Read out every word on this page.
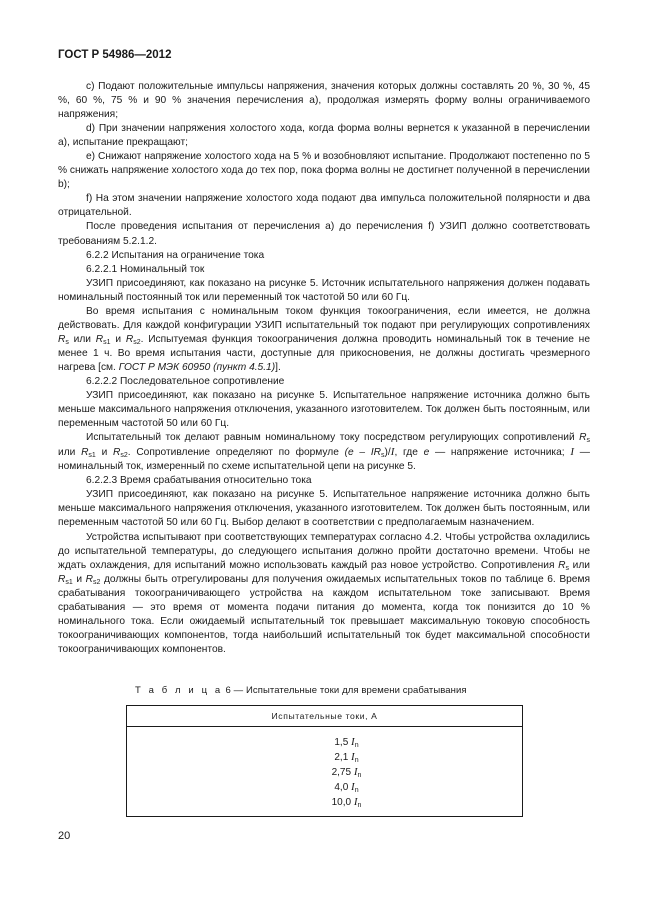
ГОСТ Р 54986—2012

c) Подают положительные импульсы напряжения, значения которых должны составлять 20 %, 30 %, 45 %, 60 %, 75 % и 90 % значения перечисления a), продолжая измерять форму волны ограничиваемого напряжения;

d) При значении напряжения холостого хода, когда форма волны вернется к указанной в перечислении a), испытание прекращают;

e) Снижают напряжение холостого хода на 5 % и возобновляют испытание. Продолжают постепенно по 5 % снижать напряжение холостого хода до тех пор, пока форма волны не достигнет полученной в перечислении b);

f) На этом значении напряжение холостого хода подают два импульса положительной полярности и два отрицательной.

После проведения испытания от перечисления a) до перечисления f) УЗИП должно соответствовать требованиям 5.2.1.2.

6.2.2 Испытания на ограничение тока

6.2.2.1 Номинальный ток

УЗИП присоединяют, как показано на рисунке 5. Источник испытательного напряжения должен подавать номинальный постоянный ток или переменный ток частотой 50 или 60 Гц.

Во время испытания с номинальным током функция токоограничения, если имеется, не должна действовать. Для каждой конфигурации УЗИП испытательный ток подают при регулирующих сопротивлениях $R_s$ или $R_{s1}$ и $R_{s2}$. Испытуемая функция токоограничения должна проводить номинальный ток в течение не менее 1 ч. Во время испытания части, доступные для прикосновения, не должны достигать чрезмерного нагрева [см. ГОСТ Р МЭК 60950 (пункт 4.5.1)].

6.2.2.2 Последовательное сопротивление

УЗИП присоединяют, как показано на рисунке 5. Испытательное напряжение источника должно быть меньше максимального напряжения отключения, указанного изготовителем. Ток должен быть постоянным, или переменным частотой 50 или 60 Гц.

Испытательный ток делают равным номинальному току посредством регулирующих сопротивлений $R_s$ или $R_{s1}$ и $R_{s2}$. Сопротивление определяют по формуле $(e - IR_s)/I$, где e — напряжение источника; I — номинальный ток, измеренный по схеме испытательной цепи на рисунке 5.

6.2.2.3 Время срабатывания относительно тока

УЗИП присоединяют, как показано на рисунке 5. Испытательное напряжение источника должно быть меньше максимального напряжения отключения, указанного изготовителем. Ток должен быть постоянным, или переменным частотой 50 или 60 Гц. Выбор делают в соответствии с предполагаемым назначением.

Устройства испытывают при соответствующих температурах согласно 4.2. Чтобы устройства охладились до испытательной температуры, до следующего испытания должно пройти достаточно времени. Чтобы не ждать охлаждения, для испытаний можно использовать каждый раз новое устройство. Сопротивления $R_s$ или $R_{s1}$ и $R_{s2}$ должны быть отрегулированы для получения ожидаемых испытательных токов по таблице 6. Время срабатывания токоограничивающего устройства на каждом испытательном токе записывают. Время срабатывания — это время от момента подачи питания до момента, когда ток понизится до 10 % номинального тока. Если ожидаемый испытательный ток превышает максимальную токовую способность токоограничивающих компонентов, тогда наибольший испытательный ток будет максимальной способности токоограничивающих компонентов.

Т а б л и ц а 6 — Испытательные токи для времени срабатывания
Испытательные токи, А
1,5 $I_n$
2,1 $I_n$
2,75 $I_n$
4,0 $I_n$
10,0 $I_n$
20
